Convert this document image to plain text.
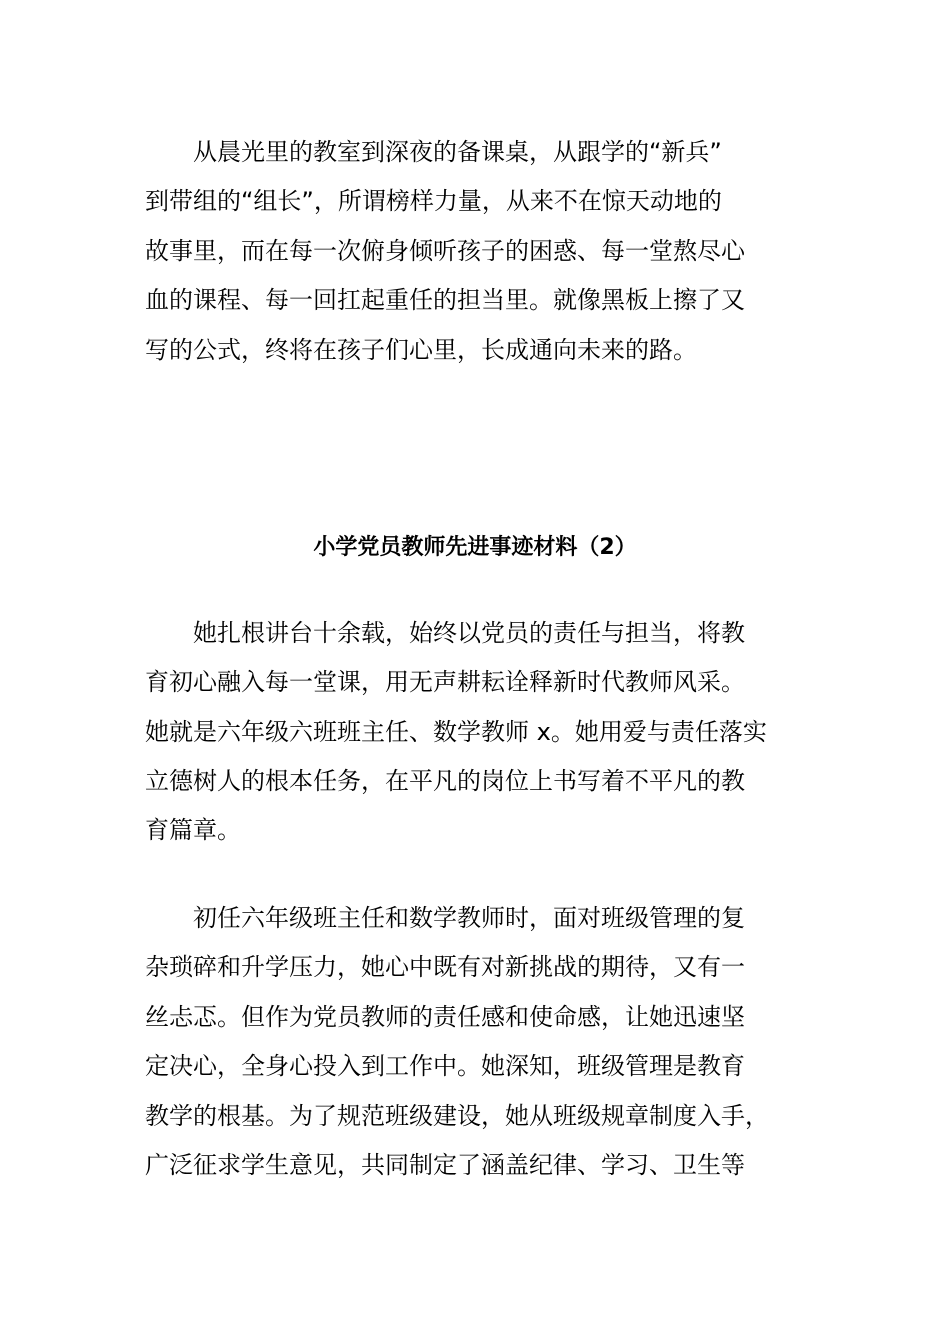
从晨光里的教室到深夜的备课桌，从跟学的“新兵”
到带组的“组长”，所谓榜样力量，从来不在惊天动地的
故事里，而在每一次俯身倾听孩子的困惑、每一堂熬尽心
血的课程、每一回扛起重任的担当里。就像黑板上擦了又
写的公式，终将在孩子们心里，长成通向未来的路。
小学党员教师先进事迹材料（2）
她扎根讲台十余载，始终以党员的责任与担当，将教
育初心融入每一堂课，用无声耕耘诠释新时代教师风采。
她就是六年级六班班主任、数学教师 x。她用爱与责任落实
立德树人的根本任务，在平凡的岗位上书写着不平凡的教
育篇章。
初任六年级班主任和数学教师时，面对班级管理的复
杂琐碎和升学压力，她心中既有对新挑战的期待，又有一
丝忐忑。但作为党员教师的责任感和使命感，让她迅速坚
定决心，全身心投入到工作中。她深知，班级管理是教育
教学的根基。为了规范班级建设，她从班级规章制度入手，
广泛征求学生意见，共同制定了涵盖纪律、学习、卫生等
